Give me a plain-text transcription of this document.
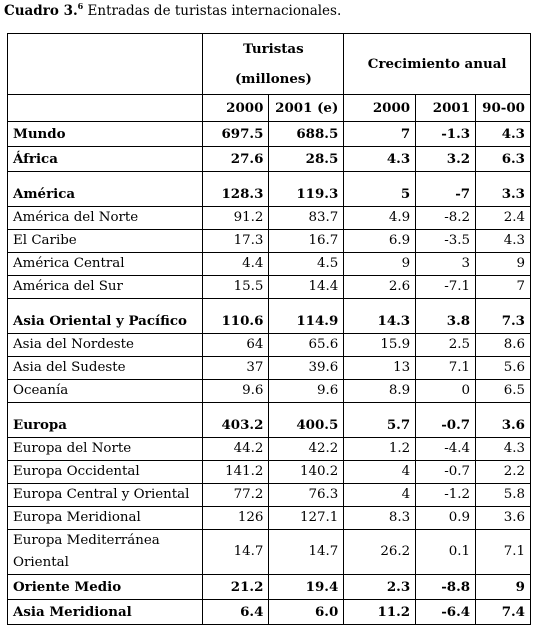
Cuadro 3.$^6$ Entradas de turistas internacionales.
	Turistas (millones)		Crecimiento anual		
	2000	2001 (e)	2000	2001	90-00
Mundo	697.5	688.5	7	-1.3	4.3
África	27.6	28.5	4.3	3.2	6.3
América	128.3	119.3	5	-7	3.3
América del Norte	91.2	83.7	4.9	-8.2	2.4
El Caribe	17.3	16.7	6.9	-3.5	4.3
América Central	4.4	4.5	9	3	9
América del Sur	15.5	14.4	2.6	-7.1	7
Asia Oriental y Pacífico	110.6	114.9	14.3	3.8	7.3
Asia del Nordeste	64	65.6	15.9	2.5	8.6
Asia del Sudeste	37	39.6	13	7.1	5.6
Oceanía	9.6	9.6	8.9	0	6.5
Europa	403.2	400.5	5.7	-0.7	3.6
Europa del Norte	44.2	42.2	1.2	-4.4	4.3
Europa Occidental	141.2	140.2	4	-0.7	2.2
Europa Central y Oriental	77.2	76.3	4	-1.2	5.8
Europa Meridional	126	127.1	8.3	0.9	3.6
Europa Mediterránea Oriental	14.7	14.7	26.2	0.1	7.1
Oriente Medio	21.2	19.4	2.3	-8.8	9
Asia Meridional	6.4	6.0	11.2	-6.4	7.4
